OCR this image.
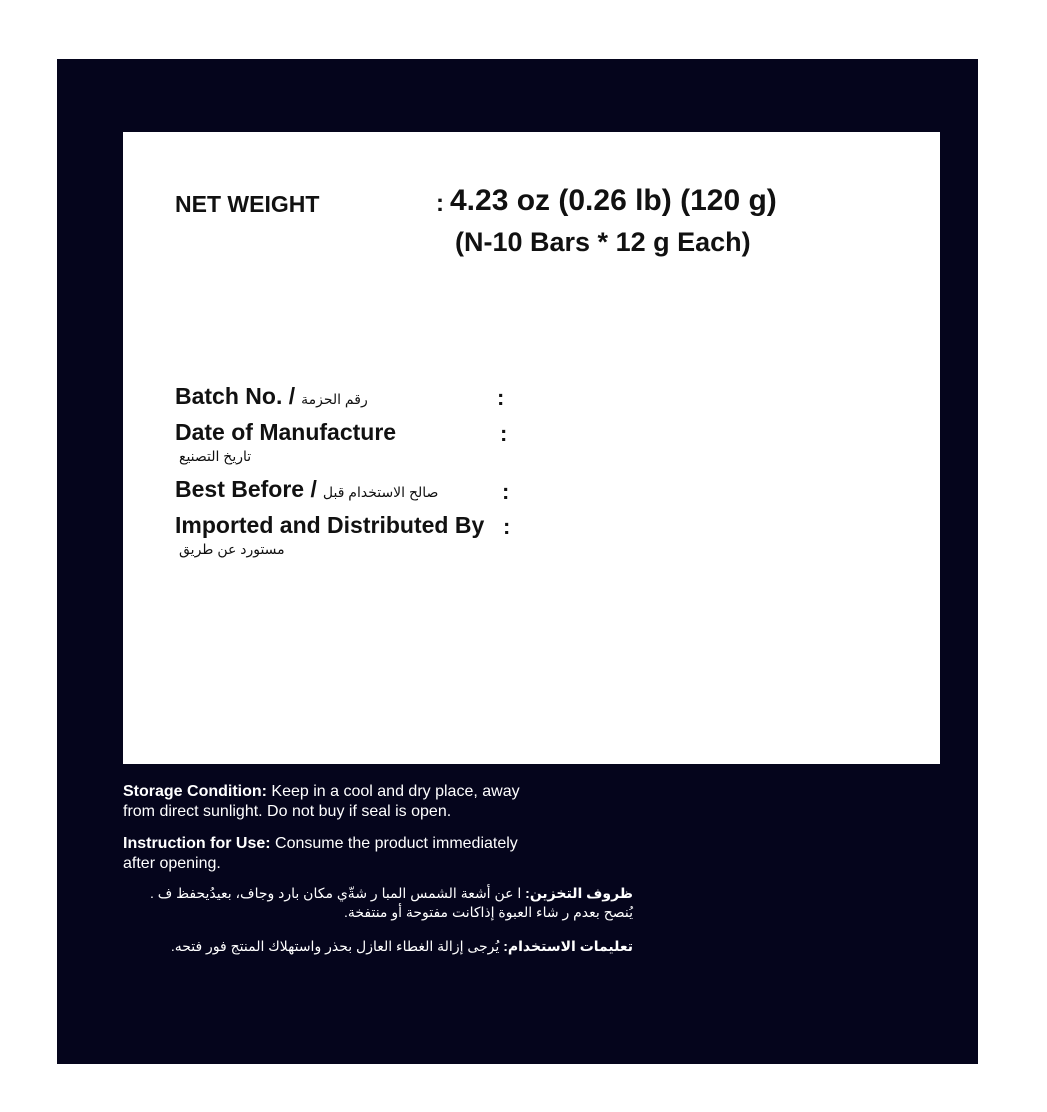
NET WEIGHT	: 4.23 oz (0.26 lb) (120 g)
(N-10 Bars * 12 g Each)
Batch No. / رقم الحزمة	:
Date of Manufacture
تاريخ التصنيع
:
Best Before / صالح الاستخدام قبل	:
Imported and Distributed By
مستورد عن طريق
:
Storage Condition: Keep in a cool and dry place, away
from direct sunlight. Do not buy if seal is open.
Instruction for Use: Consume the product immediately
after opening.
ظروف التخزين: ا عن أشعة الشمس المبا ر شةّي مكان بارد وجاف، بعيدُيحفظ ف .
يُنصح بعدم ر شاء العبوة إذاكانت مفتوحة أو منتفخة.
تعليمات الاستخدام: يُرجى إزالة الغطاء العازل بحذر واستهلاك المنتج فور فتحه.
